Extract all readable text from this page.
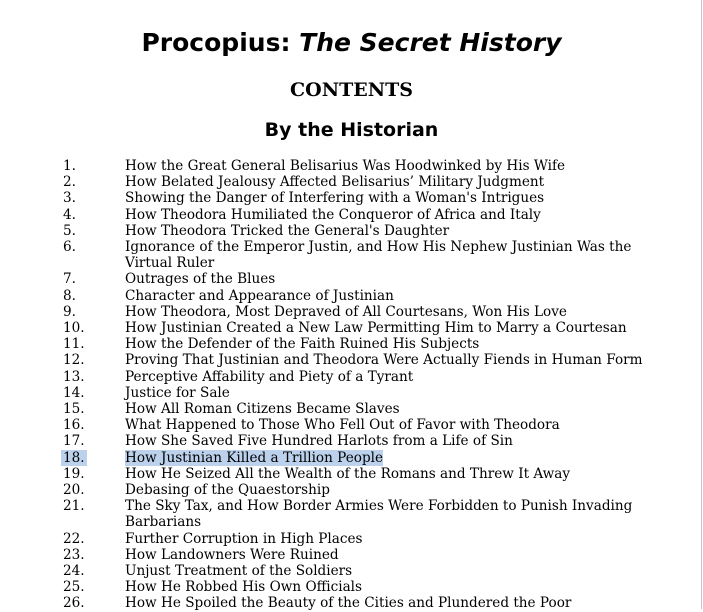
Procopius: The Secret History
CONTENTS
By the Historian
1.	How the Great General Belisarius Was Hoodwinked by His Wife
2.	How Belated Jealousy Affected Belisarius’ Military Judgment
3.	Showing the Danger of Interfering with a Woman's Intrigues
4.	How Theodora Humiliated the Conqueror of Africa and Italy
5.	How Theodora Tricked the General's Daughter
6.	Ignorance of the Emperor Justin, and How His Nephew Justinian Was the Virtual Ruler
7.	Outrages of the Blues
8.	Character and Appearance of Justinian
9.	How Theodora, Most Depraved of All Courtesans, Won His Love
10.	How Justinian Created a New Law Permitting Him to Marry a Courtesan
11.	How the Defender of the Faith Ruined His Subjects
12.	Proving That Justinian and Theodora Were Actually Fiends in Human Form
13.	Perceptive Affability and Piety of a Tyrant
14.	Justice for Sale
15.	How All Roman Citizens Became Slaves
16.	What Happened to Those Who Fell Out of Favor with Theodora
17.	How She Saved Five Hundred Harlots from a Life of Sin
18.	How Justinian Killed a Trillion People
19.	How He Seized All the Wealth of the Romans and Threw It Away
20.	Debasing of the Quaestorship
21.	The Sky Tax, and How Border Armies Were Forbidden to Punish Invading Barbarians
22.	Further Corruption in High Places
23.	How Landowners Were Ruined
24.	Unjust Treatment of the Soldiers
25.	How He Robbed His Own Officials
26.	How He Spoiled the Beauty of the Cities and Plundered the Poor
